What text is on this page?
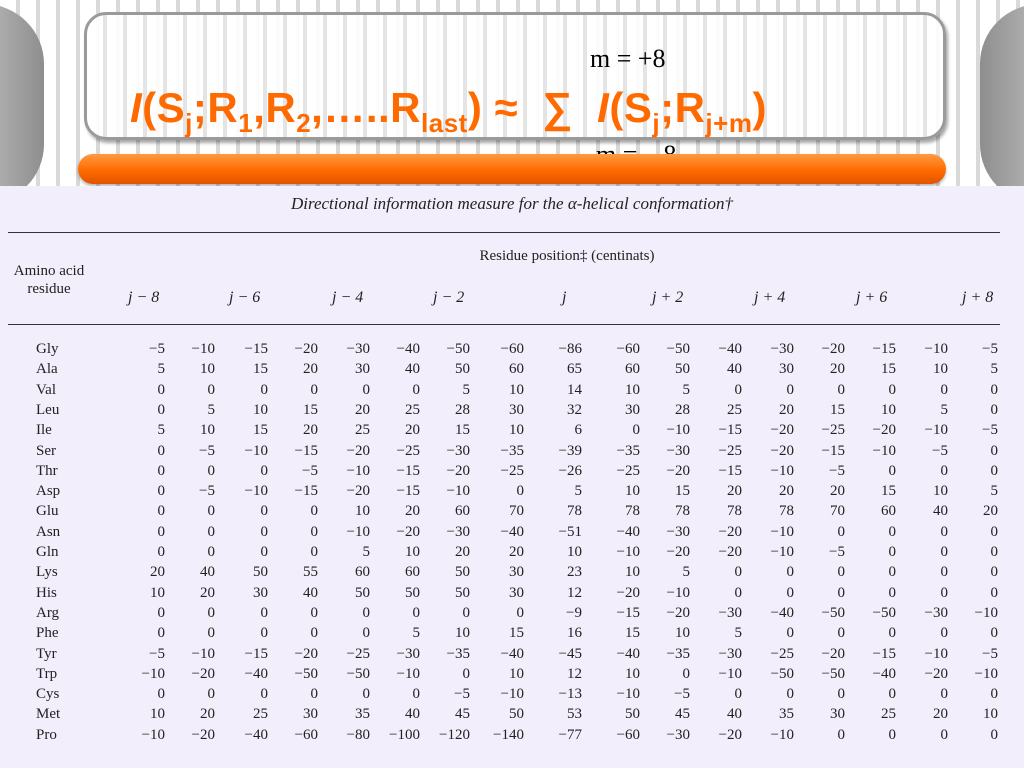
m = +8
$I(S_j;R_1,R_2,\dots..R_{last})$ ≈  ∑ $I(S_j;R_{j+m})$
Directional information measure for the α-helical conformation†
Amino acid residue
Residue position‡ (centinats)
j − 8	j − 6	j − 4	j − 2	j	j + 2	j + 4	j + 6	j + 8
Gly	−5	−10	−15	−20	−30	−40	−50	−60	−86	−60	−50	−40	−30	−20	−15	−10	−5
Ala	5	10	15	20	30	40	50	60	65	60	50	40	30	20	15	10	5
Val	0	0	0	0	0	0	5	10	14	10	5	0	0	0	0	0	0
Leu	0	5	10	15	20	25	28	30	32	30	28	25	20	15	10	5	0
Ile	5	10	15	20	25	20	15	10	6	0	−10	−15	−20	−25	−20	−10	−5
Ser	0	−5	−10	−15	−20	−25	−30	−35	−39	−35	−30	−25	−20	−15	−10	−5	0
Thr	0	0	0	−5	−10	−15	−20	−25	−26	−25	−20	−15	−10	−5	0	0	0
Asp	0	−5	−10	−15	−20	−15	−10	0	5	10	15	20	20	20	15	10	5
Glu	0	0	0	0	10	20	60	70	78	78	78	78	78	70	60	40	20
Asn	0	0	0	0	−10	−20	−30	−40	−51	−40	−30	−20	−10	0	0	0	0
Gln	0	0	0	0	5	10	20	20	10	−10	−20	−20	−10	−5	0	0	0
Lys	20	40	50	55	60	60	50	30	23	10	5	0	0	0	0	0	0
His	10	20	30	40	50	50	50	30	12	−20	−10	0	0	0	0	0	0
Arg	0	0	0	0	0	0	0	0	−9	−15	−20	−30	−40	−50	−50	−30	−10
Phe	0	0	0	0	0	5	10	15	16	15	10	5	0	0	0	0	0
Tyr	−5	−10	−15	−20	−25	−30	−35	−40	−45	−40	−35	−30	−25	−20	−15	−10	−5
Trp	−10	−20	−40	−50	−50	−10	0	10	12	10	0	−10	−50	−50	−40	−20	−10
Cys	0	0	0	0	0	0	−5	−10	−13	−10	−5	0	0	0	0	0	0
Met	10	20	25	30	35	40	45	50	53	50	45	40	35	30	25	20	10
Pro	−10	−20	−40	−60	−80	−100	−120	−140	−77	−60	−30	−20	−10	0	0	0	0
